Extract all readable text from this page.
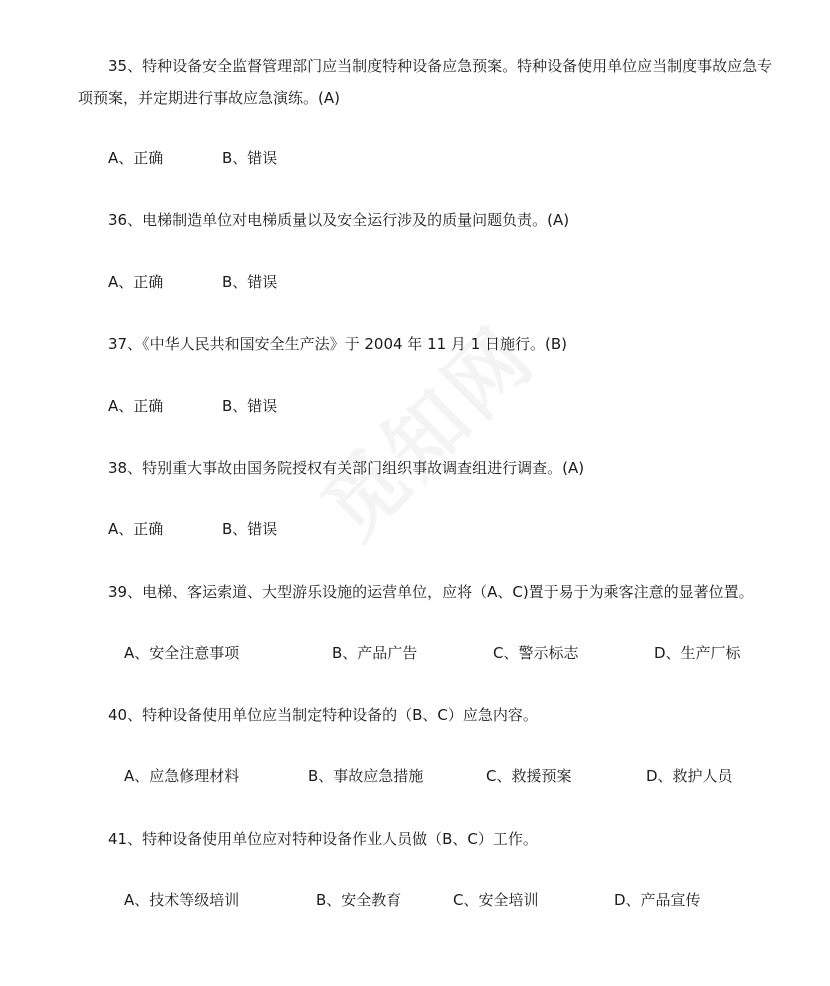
35、特种设备安全监督管理部门应当制度特种设备应急预案。特种设备使用单位应当制度事故应急专项预案，并定期进行事故应急演练。(A)

A、正确	B、错误

36、电梯制造单位对电梯质量以及安全运行涉及的质量问题负责。(A)

A、正确	B、错误

37、《中华人民共和国安全生产法》于 2004 年 11 月 1 日施行。(B)

A、正确	B、错误

38、特别重大事故由国务院授权有关部门组织事故调查组进行调查。(A)

A、正确	B、错误

39、电梯、客运索道、大型游乐设施的运营单位，应将（A、C)置于易于为乘客注意的显著位置。

A、安全注意事项	B、产品广告	C、警示标志	D、生产厂标

40、特种设备使用单位应当制定特种设备的（B、C）应急内容。

A、应急修理材料	B、事故应急措施	C、救援预案	D、救护人员

41、特种设备使用单位应对特种设备作业人员做（B、C）工作。

A、技术等级培训	B、安全教育	C、安全培训	D、产品宣传
